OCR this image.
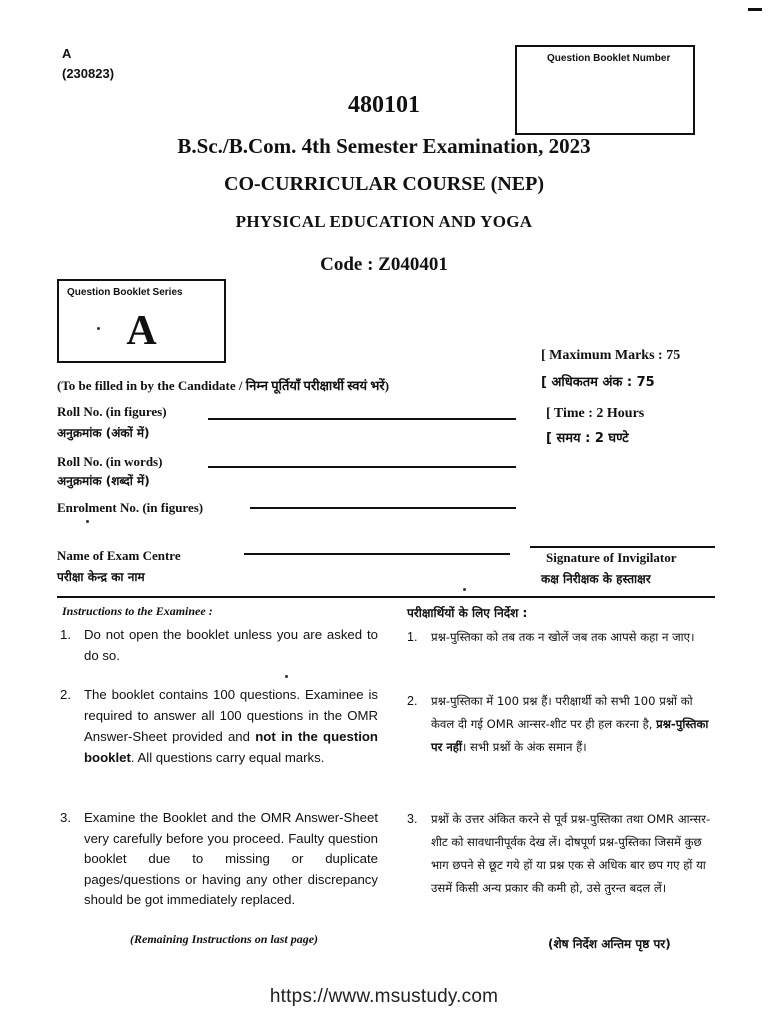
A
(230823)
Question Booklet Number
480101
B.Sc./B.Com. 4th Semester Examination, 2023
CO-CURRICULAR COURSE (NEP)
PHYSICAL EDUCATION AND YOGA
Code : Z040401
Question Booklet Series
A
[ Maximum Marks : 75
[ अधिकतम अंक : 75
[ Time : 2 Hours
[ समय : 2 घण्टे
(To be filled in by the Candidate / निम्न पूर्तियाँ परीक्षार्थी स्वयं भरें)
Roll No. (in figures)
अनुक्रमांक (अंकों में)
Roll No. (in words)
अनुक्रमांक (शब्दों में)
Enrolment No. (in figures)
Name of Exam Centre
परीक्षा केन्द्र का नाम
Signature of Invigilator
कक्ष निरीक्षक के हस्ताक्षर
Instructions to the Examinee :
1. Do not open the booklet unless you are asked to do so.
2. The booklet contains 100 questions. Examinee is required to answer all 100 questions in the OMR Answer-Sheet provided and not in the question booklet. All questions carry equal marks.
3. Examine the Booklet and the OMR Answer-Sheet very carefully before you proceed. Faulty question booklet due to missing or duplicate pages/questions or having any other discrepancy should be got immediately replaced.
(Remaining Instructions on last page)
परीक्षार्थियों के लिए निर्देश :
1. प्रश्न-पुस्तिका को तब तक न खोलें जब तक आपसे कहा न जाए।
2. प्रश्न-पुस्तिका में 100 प्रश्न हैं। परीक्षार्थी को सभी 100 प्रश्नों को केवल दी गई OMR आन्सर-शीट पर ही हल करना है, प्रश्न-पुस्तिका पर नहीं। सभी प्रश्नों के अंक समान हैं।
3. प्रश्नों के उत्तर अंकित करने से पूर्व प्रश्न-पुस्तिका तथा OMR आन्सर-शीट को सावधानीपूर्वक देख लें। दोषपूर्ण प्रश्न-पुस्तिका जिसमें कुछ भाग छपने से छूट गये हों या प्रश्न एक से अधिक बार छप गए हों या उसमें किसी अन्य प्रकार की कमी हो, उसे तुरन्त बदल लें।
(शेष निर्देश अन्तिम पृष्ठ पर)
https://www.msustudy.com
